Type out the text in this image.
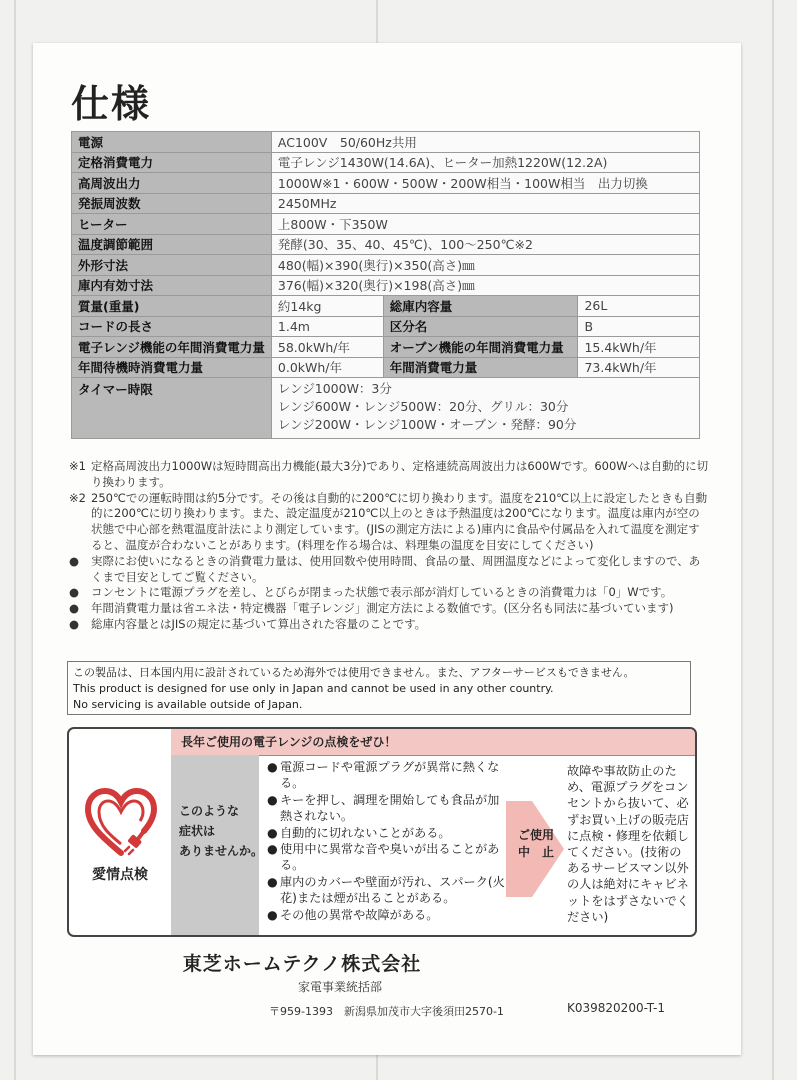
仕様
電源	AC100V　50/60Hz共用		
定格消費電力	電子レンジ1430W(14.6A)、ヒーター加熱1220W(12.2A)		
高周波出力	1000W※1・600W・500W・200W相当・100W相当　出力切換		
発振周波数	2450MHz		
ヒーター	上800W・下350W		
温度調節範囲	発酵(30、35、40、45℃)、100～250℃※2		
外形寸法	480(幅)×390(奥行)×350(高さ)㎜		
庫内有効寸法	376(幅)×320(奥行)×198(高さ)㎜		
質量(重量)	約14kg	総庫内容量	26L
コードの長さ	1.4m	区分名	B
電子レンジ機能の年間消費電力量	58.0kWh/年	オーブン機能の年間消費電力量	15.4kWh/年
年間待機時消費電力量	0.0kWh/年	年間消費電力量	73.4kWh/年
タイマー時限	レンジ1000W：3分
レンジ600W・レンジ500W：20分、グリル：30分
レンジ200W・レンジ100W・オーブン・発酵：90分		
※1 定格高周波出力1000Wは短時間高出力機能(最大3分)であり、定格連続高周波出力は600Wです。600Wへは自動的に切り換わります。
※2 250℃での運転時間は約5分です。その後は自動的に200℃に切り換わります。温度を210℃以上に設定したときも自動的に200℃に切り換わります。また、設定温度が210℃以上のときは予熱温度は200℃になります。温度は庫内が空の状態で中心部を熱電温度計法により測定しています。(JISの測定方法による)庫内に食品や付属品を入れて温度を測定すると、温度が合わないことがあります。(料理を作る場合は、料理集の温度を目安にしてください)
● 実際にお使いになるときの消費電力量は、使用回数や使用時間、食品の量、周囲温度などによって変化しますので、あくまで目安としてご覧ください。
● コンセントに電源プラグを差し、とびらが閉まった状態で表示部が消灯しているときの消費電力は「0」Wです。
● 年間消費電力量は省エネ法・特定機器「電子レンジ」測定方法による数値です。(区分名も同法に基づいています)
● 総庫内容量とはJISの規定に基づいて算出された容量のことです。
この製品は、日本国内用に設計されているため海外では使用できません。また、アフターサービスもできません。
This product is designed for use only in Japan and cannot be used in any other country.
No servicing is available outside of Japan.
愛情点検
長年ご使用の電子レンジの点検をぜひ！
このような
症状は
ありませんか。
● 電源コードや電源プラグが異常に熱くなる。
● キーを押し、調理を開始しても食品が加熱されない。
● 自動的に切れないことがある。
● 使用中に異常な音や臭いが出ることがある。
● 庫内のカバーや壁面が汚れ、スパーク(火花)または煙が出ることがある。
● その他の異常や故障がある。
ご使用
中　止
故障や事故防止のため、電源プラグをコンセントから抜いて、必ずお買い上げの販売店に点検・修理を依頼してください。(技術のあるサービスマン以外の人は絶対にキャビネットをはずさないでください)
東芝ホームテクノ株式会社
家電事業統括部
〒959-1393　新潟県加茂市大字後須田2570-1	K039820200-T-1
